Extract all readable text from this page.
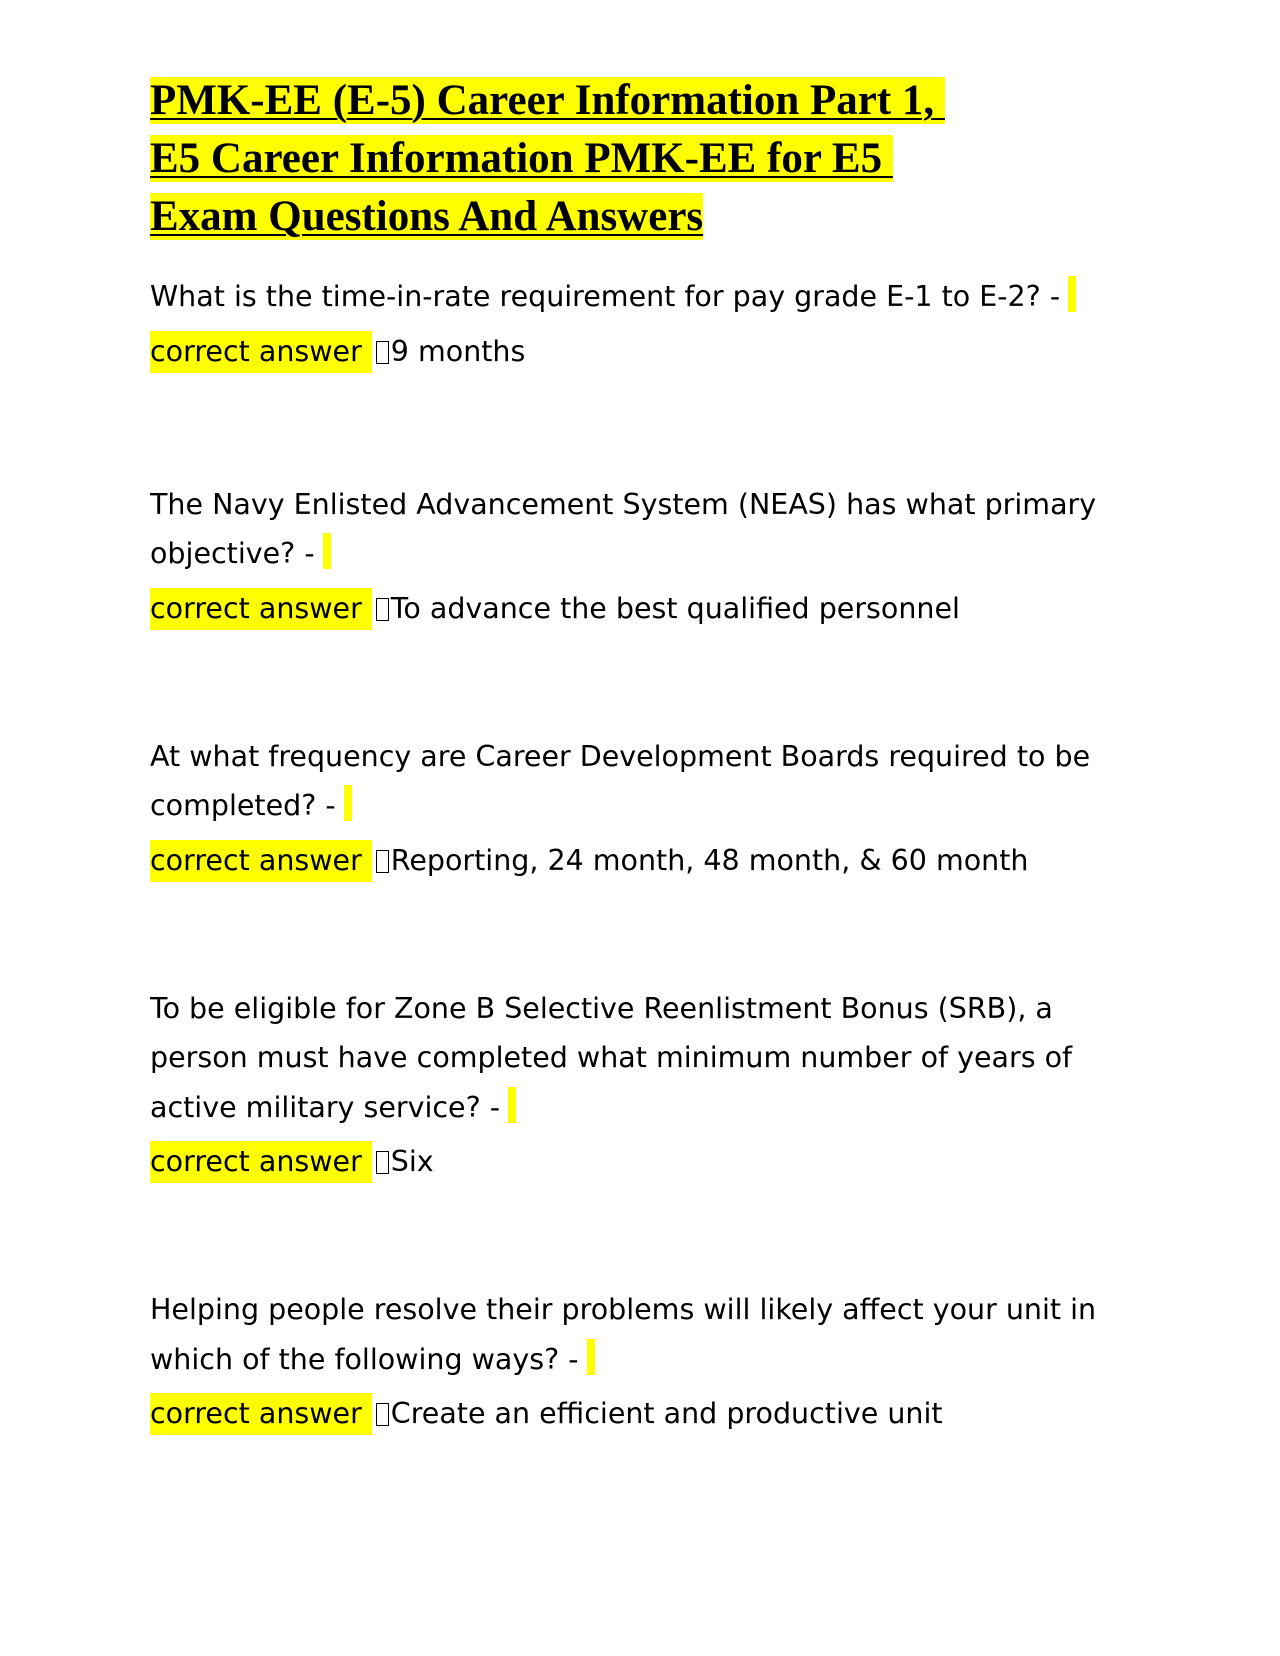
PMK-EE (E-5) Career Information Part 1,
E5 Career Information PMK-EE for E5
Exam Questions And Answers
What is the time-in-rate requirement for pay grade E-1 to E-2? -
correct answer 9 months
The Navy Enlisted Advancement System (NEAS) has what primary
objective? -
correct answer To advance the best qualified personnel
At what frequency are Career Development Boards required to be
completed? -
correct answer Reporting, 24 month, 48 month, & 60 month
To be eligible for Zone B Selective Reenlistment Bonus (SRB), a
person must have completed what minimum number of years of
active military service? -
correct answer Six
Helping people resolve their problems will likely affect your unit in
which of the following ways? -
correct answer Create an efficient and productive unit
